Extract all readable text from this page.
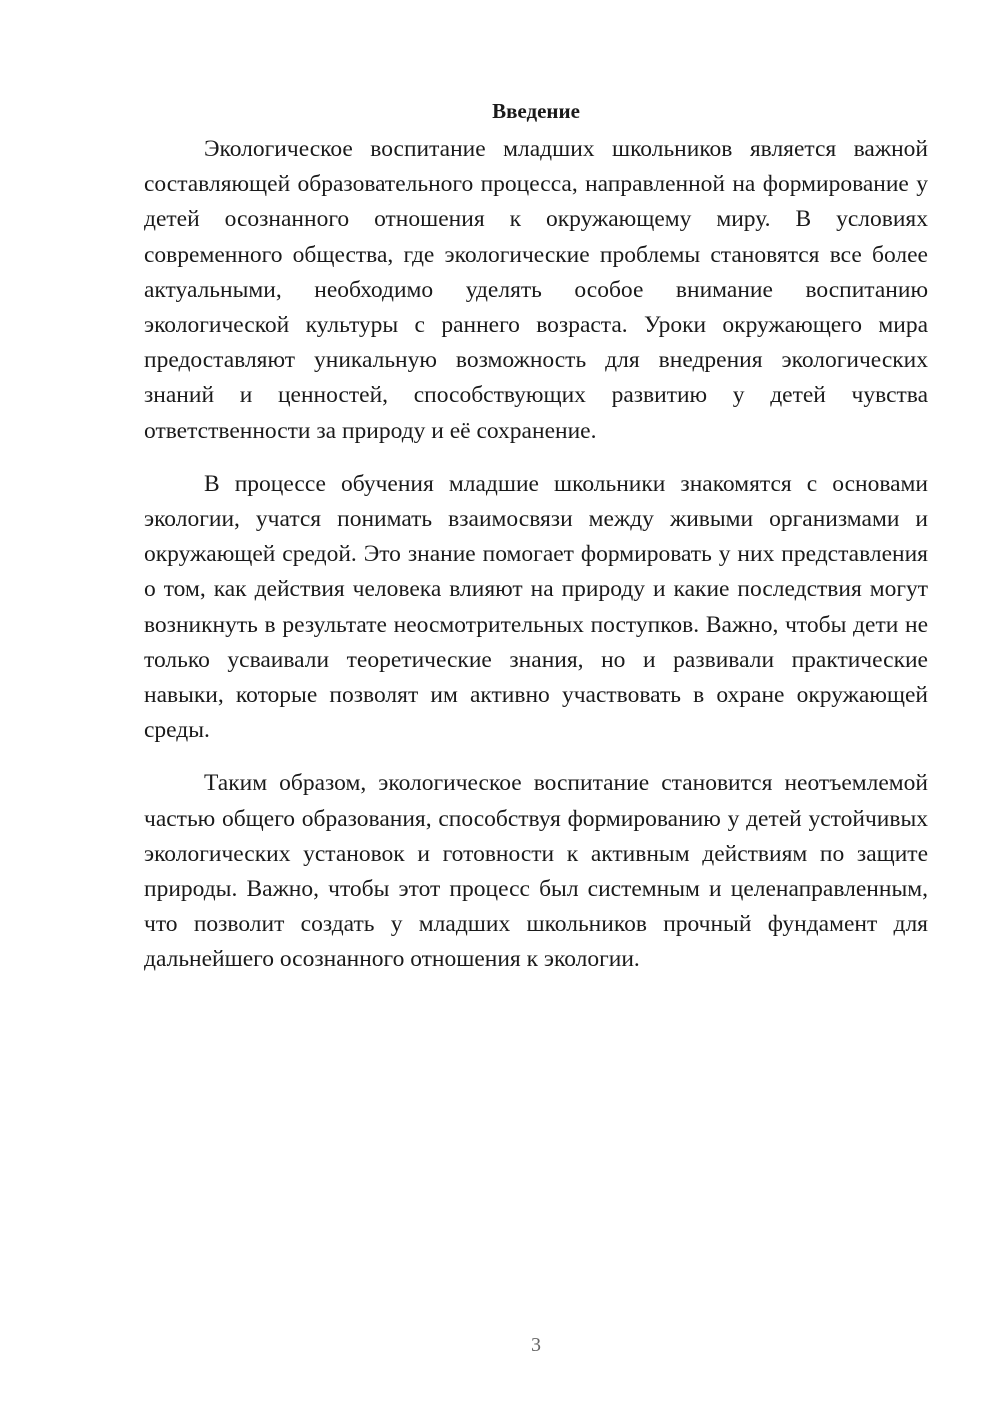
Введение

Экологическое воспитание младших школьников является важной составляющей образовательного процесса, направленной на формирование у детей осознанного отношения к окружающему миру. В условиях современного общества, где экологические проблемы становятся все более актуальными, необходимо уделять особое внимание воспитанию экологической культуры с раннего возраста. Уроки окружающего мира предоставляют уникальную возможность для внедрения экологических знаний и ценностей, способствующих развитию у детей чувства ответственности за природу и её сохранение.

В процессе обучения младшие школьники знакомятся с основами экологии, учатся понимать взаимосвязи между живыми организмами и окружающей средой. Это знание помогает формировать у них представления о том, как действия человека влияют на природу и какие последствия могут возникнуть в результате неосмотрительных поступков. Важно, чтобы дети не только усваивали теоретические знания, но и развивали практические навыки, которые позволят им активно участвовать в охране окружающей среды.

Таким образом, экологическое воспитание становится неотъемлемой частью общего образования, способствуя формированию у детей устойчивых экологических установок и готовности к активным действиям по защите природы. Важно, чтобы этот процесс был системным и целенаправленным, что позволит создать у младших школьников прочный фундамент для дальнейшего осознанного отношения к экологии.

3
